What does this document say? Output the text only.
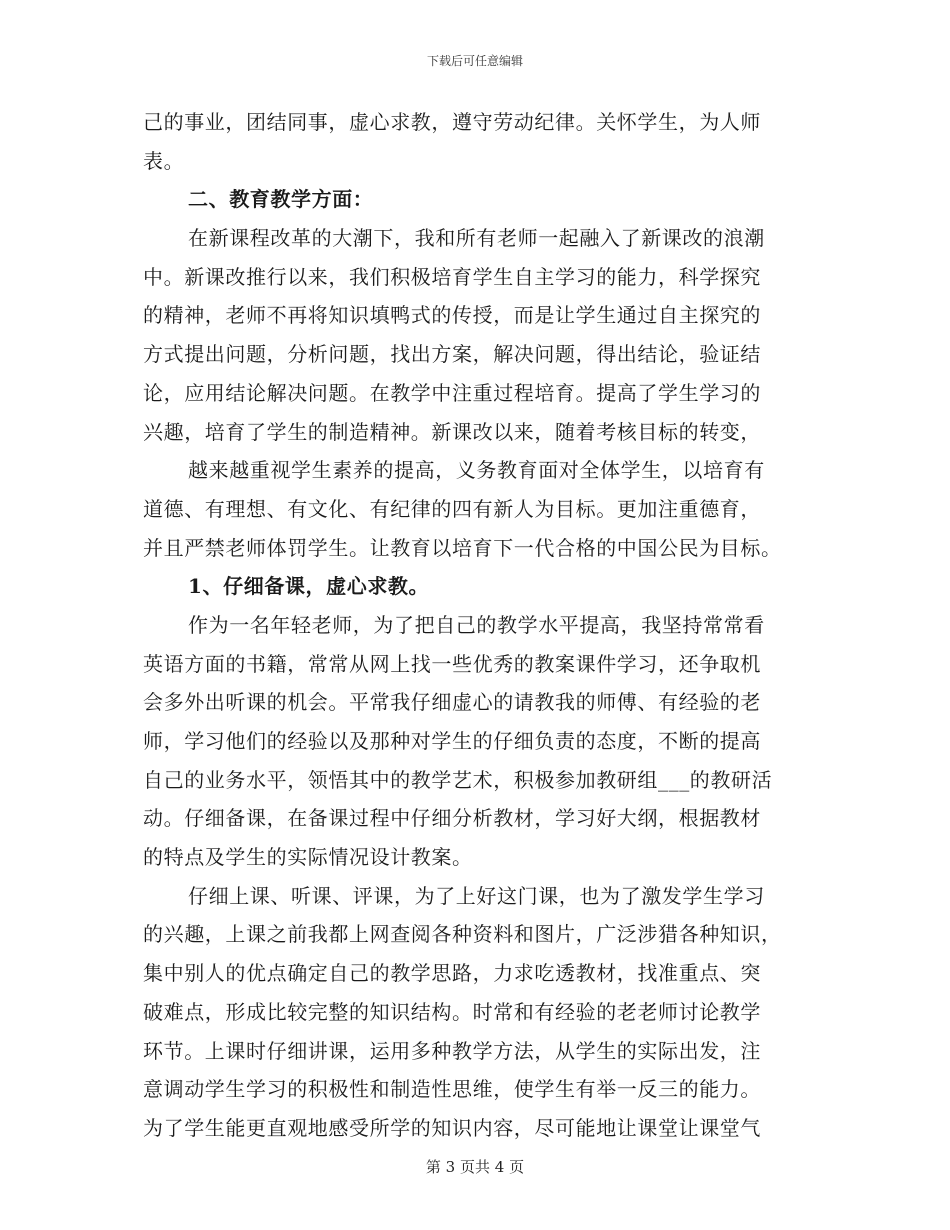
下载后可任意编辑
己的事业，团结同事，虚心求教，遵守劳动纪律。关怀学生，为人师
表。
二、教育教学方面：
在新课程改革的大潮下，我和所有老师一起融入了新课改的浪潮
中。新课改推行以来，我们积极培育学生自主学习的能力，科学探究
的精神，老师不再将知识填鸭式的传授，而是让学生通过自主探究的
方式提出问题，分析问题，找出方案，解决问题，得出结论，验证结
论，应用结论解决问题。在教学中注重过程培育。提高了学生学习的
兴趣，培育了学生的制造精神。新课改以来，随着考核目标的转变，
越来越重视学生素养的提高，义务教育面对全体学生，以培育有
道德、有理想、有文化、有纪律的四有新人为目标。更加注重德育，
并且严禁老师体罚学生。让教育以培育下一代合格的中国公民为目标。
1、仔细备课，虚心求教。
作为一名年轻老师，为了把自己的教学水平提高，我坚持常常看
英语方面的书籍，常常从网上找一些优秀的教案课件学习，还争取机
会多外出听课的机会。平常我仔细虚心的请教我的师傅、有经验的老
师，学习他们的经验以及那种对学生的仔细负责的态度，不断的提高
自己的业务水平，领悟其中的教学艺术，积极参加教研组___的教研活
动。仔细备课，在备课过程中仔细分析教材，学习好大纲，根据教材
的特点及学生的实际情况设计教案。
仔细上课、听课、评课，为了上好这门课，也为了激发学生学习
的兴趣，上课之前我都上网查阅各种资料和图片，广泛涉猎各种知识，
集中别人的优点确定自己的教学思路，力求吃透教材，找准重点、突
破难点，形成比较完整的知识结构。时常和有经验的老老师讨论教学
环节。上课时仔细讲课，运用多种教学方法，从学生的实际出发，注
意调动学生学习的积极性和制造性思维，使学生有举一反三的能力。
为了学生能更直观地感受所学的知识内容，尽可能地让课堂让课堂气
第 3 页共 4 页
